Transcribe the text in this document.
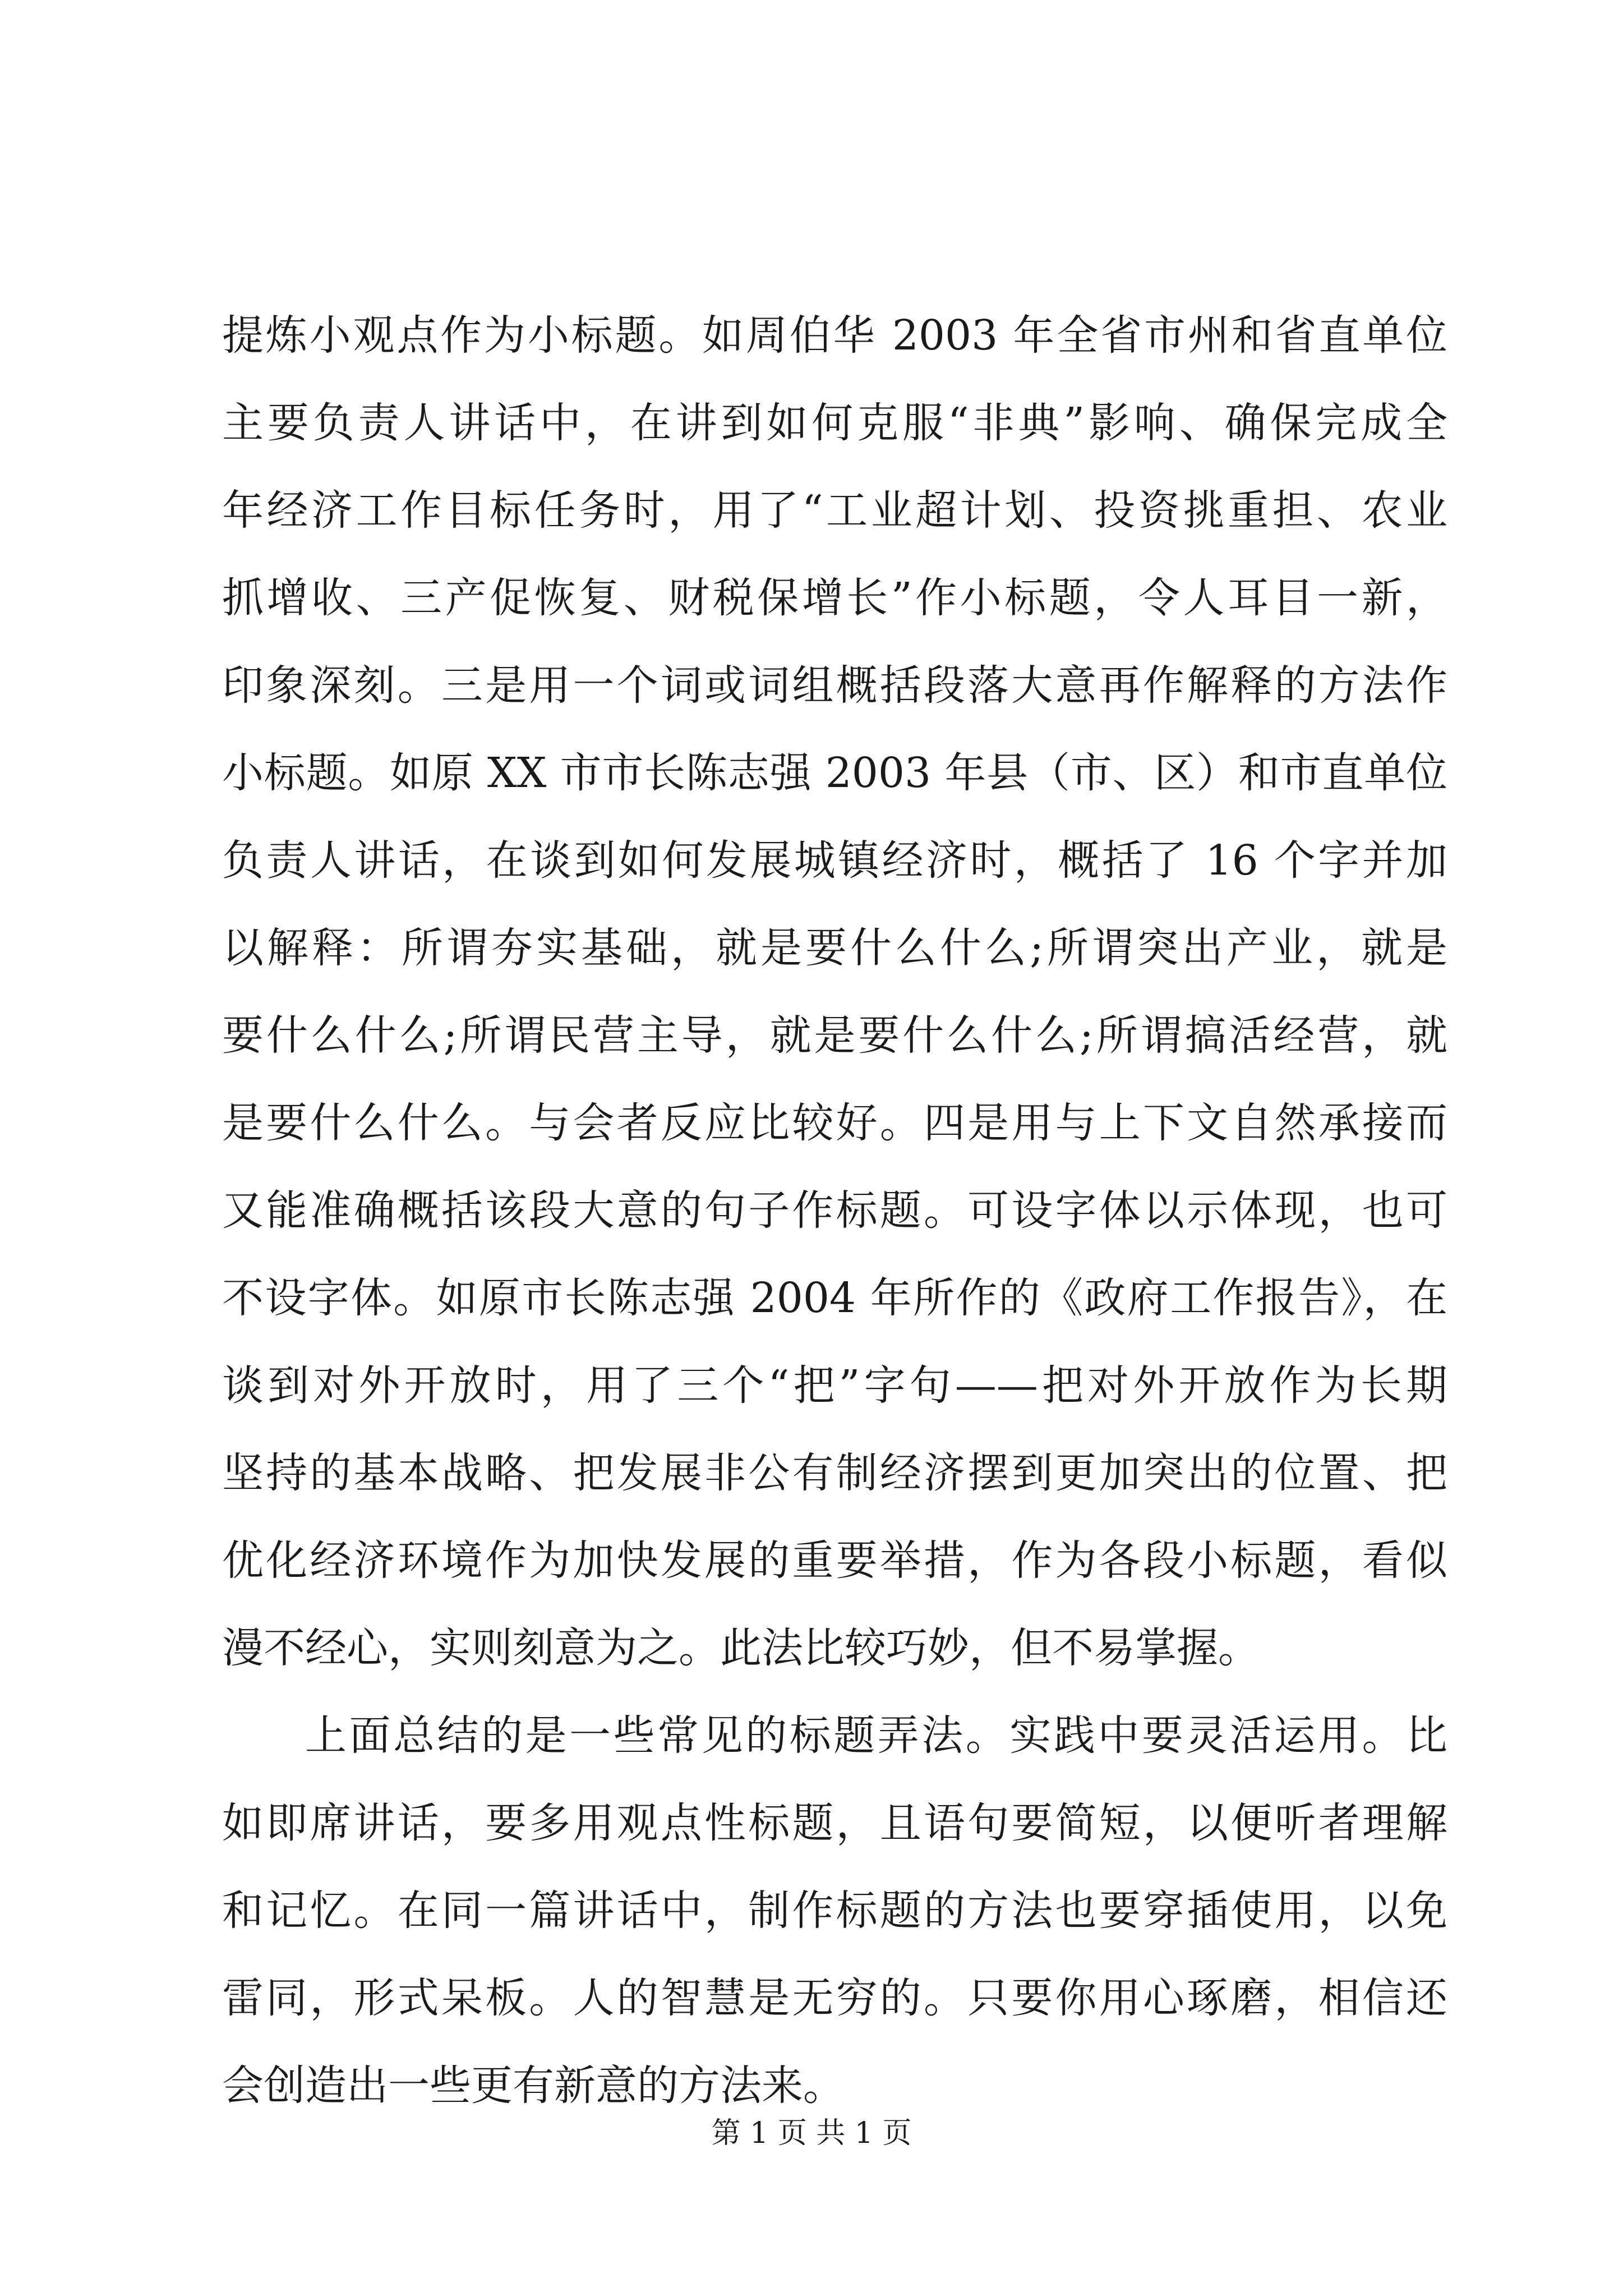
提炼小观点作为小标题。如周伯华 2003 年全省市州和省直单位
主要负责人讲话中，在讲到如何克服“非典”影响、确保完成全
年经济工作目标任务时，用了“工业超计划、投资挑重担、农业
抓增收、三产促恢复、财税保增长”作小标题，令人耳目一新，
印象深刻。三是用一个词或词组概括段落大意再作解释的方法作
小标题。如原 XX 市市长陈志强 2003 年县（市、区）和市直单位
负责人讲话，在谈到如何发展城镇经济时，概括了 16 个字并加
以解释：所谓夯实基础，就是要什么什么;所谓突出产业，就是
要什么什么;所谓民营主导，就是要什么什么;所谓搞活经营，就
是要什么什么。与会者反应比较好。四是用与上下文自然承接而
又能准确概括该段大意的句子作标题。可设字体以示体现，也可
不设字体。如原市长陈志强 2004 年所作的《政府工作报告》，在
谈到对外开放时，用了三个“把”字句——把对外开放作为长期
坚持的基本战略、把发展非公有制经济摆到更加突出的位置、把
优化经济环境作为加快发展的重要举措，作为各段小标题，看似
漫不经心，实则刻意为之。此法比较巧妙，但不易掌握。
上面总结的是一些常见的标题弄法。实践中要灵活运用。比
如即席讲话，要多用观点性标题，且语句要简短，以便听者理解
和记忆。在同一篇讲话中，制作标题的方法也要穿插使用，以免
雷同，形式呆板。人的智慧是无穷的。只要你用心琢磨，相信还
会创造出一些更有新意的方法来。
第 1 页 共 1 页
